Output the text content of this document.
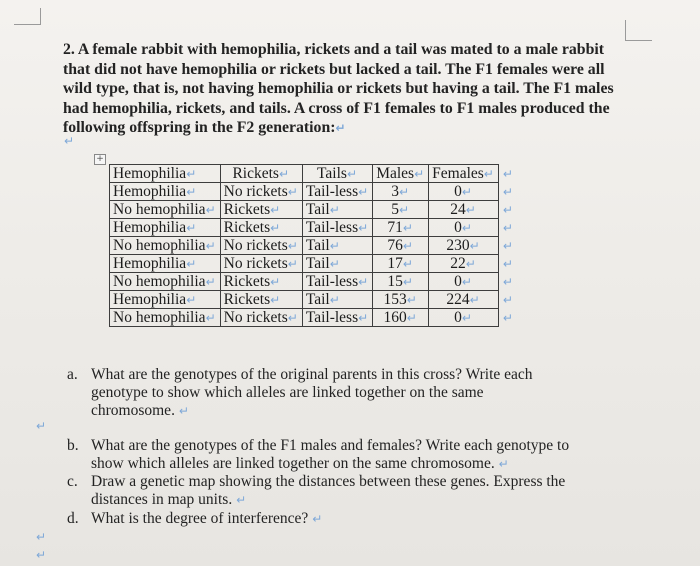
2. A female rabbit with hemophilia, rickets and a tail was mated to a male rabbit
that did not have hemophilia or rickets but lacked a tail. The F1 females were all
wild type, that is, not having hemophilia or rickets but having a tail. The F1 males
had hemophilia, rickets, and tails. A cross of F1 females to F1 males produced the
following offspring in the F2 generation:↵
↵
+
Hemophilia↵	Rickets↵	Tails↵	Males↵	Females↵	↵
Hemophilia↵	No rickets↵	Tail-less↵	3↵	0↵	↵
No hemophilia↵	Rickets↵	Tail↵	5↵	24↵	↵
Hemophilia↵	Rickets↵	Tail-less↵	71↵	0↵	↵
No hemophilia↵	No rickets↵	Tail↵	76↵	230↵	↵
Hemophilia↵	No rickets↵	Tail↵	17↵	22↵	↵
No hemophilia↵	Rickets↵	Tail-less↵	15↵	0↵	↵
Hemophilia↵	Rickets↵	Tail↵	153↵	224↵	↵
No hemophilia↵	No rickets↵	Tail-less↵	160↵	0↵	↵
↵
a. What are the genotypes of the original parents in this cross? Write each
genotype to show which alleles are linked together on the same
chromosome. ↵
b. What are the genotypes of the F1 males and females? Write each genotype to
show which alleles are linked together on the same chromosome. ↵
c. Draw a genetic map showing the distances between these genes. Express the
distances in map units. ↵
d. What is the degree of interference? ↵
↵
↵
